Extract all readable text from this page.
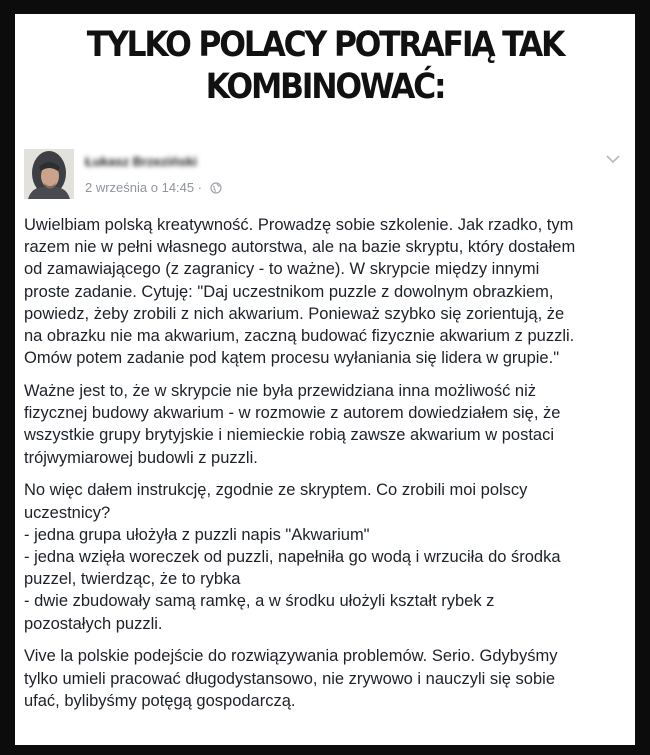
TYLKO POLACY POTRAFIĄ TAK
KOMBINOWAĆ:
Łukasz Brzeziński
2 września o 14:45 ·

Uwielbiam polską kreatywność. Prowadzę sobie szkolenie. Jak rzadko, tym
razem nie w pełni własnego autorstwa, ale na bazie skryptu, który dostałem
od zamawiającego (z zagranicy - to ważne). W skrypcie między innymi
proste zadanie. Cytuję: "Daj uczestnikom puzzle z dowolnym obrazkiem,
powiedz, żeby zrobili z nich akwarium. Ponieważ szybko się zorientują, że
na obrazku nie ma akwarium, zaczną budować fizycznie akwarium z puzzli.
Omów potem zadanie pod kątem procesu wyłaniania się lidera w grupie."

Ważne jest to, że w skrypcie nie była przewidziana inna możliwość niż
fizycznej budowy akwarium - w rozmowie z autorem dowiedziałem się, że
wszystkie grupy brytyjskie i niemieckie robią zawsze akwarium w postaci
trójwymiarowej budowli z puzzli.

No więc dałem instrukcję, zgodnie ze skryptem. Co zrobili moi polscy
uczestnicy?
- jedna grupa ułożyła z puzzli napis "Akwarium"
- jedna wzięła woreczek od puzzli, napełniła go wodą i wrzuciła do środka
puzzel, twierdząc, że to rybka
- dwie zbudowały samą ramkę, a w środku ułożyli kształt rybek z
pozostałych puzzli.

Vive la polskie podejście do rozwiązywania problemów. Serio. Gdybyśmy
tylko umieli pracować długodystansowo, nie zrywowo i nauczyli się sobie
ufać, bylibyśmy potęgą gospodarczą.
